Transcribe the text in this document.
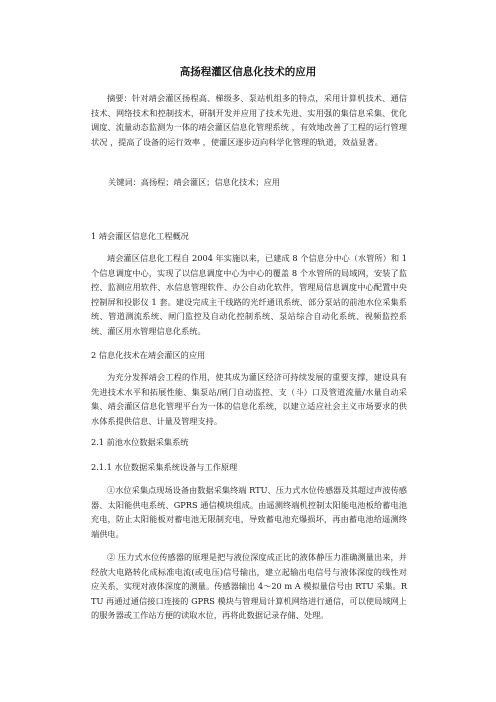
高扬程灌区信息化技术的应用
摘要：针对靖会灌区扬程高、梯级多、泵站机组多的特点，采用计算机技术、通信技术、网络技术和控制技术，研制开发并应用了技术先进、实用强的集信息采集、优化调度、流量动态监测为一体的靖会灌区信息化管理系统 ，有效地改善了工程的运行管理状况 ，提高了设备的运行效率 ，使灌区逐步迈向科学化管理的轨道，效益显著。
关键词：高扬程；靖会灌区；信息化技术；应用
1 靖会灌区信息化工程概况
靖会灌区信息化工程自 2004 年实施以来，已建成 8 个信息分中心（水管所）和 1 个信息调度中心，实现了以信息调度中心为中心的覆盖 8 个水管所的局域网，安装了监控、监测应用软件、水信息管理软件、办公自动化软件，管理局信息调度中心配置中央控制屏和投影仪 1 套。建设完成主干线路的光纤通讯系统、部分泵站的前池水位采集系统、管道测流系统、闸门监控及自动化控制系统、泵站综合自动化系统、视频监控系统、灌区用水管理信息化系统。
2 信息化技术在靖会灌区的应用
为充分发挥靖会工程的作用，使其成为灌区经济可持续发展的重要支撑，建设具有先进技术水平和拓展性能、集泵站/闸门自动监控、支（斗）口及管道流量/水量自动采集、靖会灌区信息化管理平台为一体的信息化系统，以建立适应社会主义市场要求的供水体系提供信息、计量及管理支持。
2.1 前池水位数据采集系统
2.1.1 水位数据采集系统设备与工作原理
①水位采集点现场设备由数据采集终端 RTU、压力式水位传感器及其超过声波传感器、太阳能供电系统、GPRS 通信模块组成。由遥测终端机控制太阳能电池板给蓄电池充电，防止太阳能板对蓄电池无限制充电，导致蓄电池充爆损坏，再由蓄电池给遥测终端供电。
② 压力式水位传感器的原理是把与液位深度成正比的液体静压力准确测量出来，并经放大电路转化成标准电流(或电压)信号输出，建立起输出电信号与液体深度的线性对应关系，实现对液体深度的测量。传感器输出 4～20 m A 模拟量信号由 RTU 采集。RTU 再通过通信接口连接的 GPRS 模块与管理局计算机网络进行通信，可以使局域网上的服务器或工作站方便的读取水位，再将此数据记录存储、处理。
